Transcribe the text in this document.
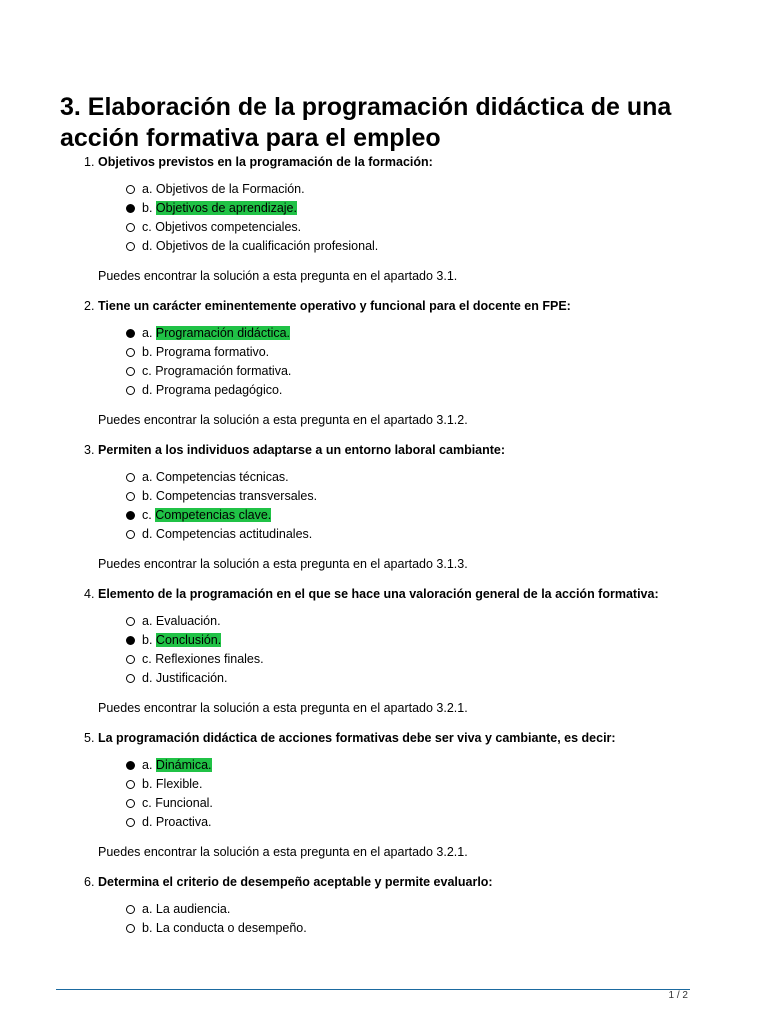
3. Elaboración de la programación didáctica de una acción formativa para el empleo
1. Objetivos previstos en la programación de la formación:
a. Objetivos de la Formación.
b. Objetivos de aprendizaje.
c. Objetivos competenciales.
d. Objetivos de la cualificación profesional.
Puedes encontrar la solución a esta pregunta en el apartado 3.1.
2. Tiene un carácter eminentemente operativo y funcional para el docente en FPE:
a. Programación didáctica.
b. Programa formativo.
c. Programación formativa.
d. Programa pedagógico.
Puedes encontrar la solución a esta pregunta en el apartado 3.1.2.
3. Permiten a los individuos adaptarse a un entorno laboral cambiante:
a. Competencias técnicas.
b. Competencias transversales.
c. Competencias clave.
d. Competencias actitudinales.
Puedes encontrar la solución a esta pregunta en el apartado 3.1.3.
4. Elemento de la programación en el que se hace una valoración general de la acción formativa:
a. Evaluación.
b. Conclusión.
c. Reflexiones finales.
d. Justificación.
Puedes encontrar la solución a esta pregunta en el apartado 3.2.1.
5. La programación didáctica de acciones formativas debe ser viva y cambiante, es decir:
a. Dinámica.
b. Flexible.
c. Funcional.
d. Proactiva.
Puedes encontrar la solución a esta pregunta en el apartado 3.2.1.
6. Determina el criterio de desempeño aceptable y permite evaluarlo:
a. La audiencia.
b. La conducta o desempeño.
1 / 2
